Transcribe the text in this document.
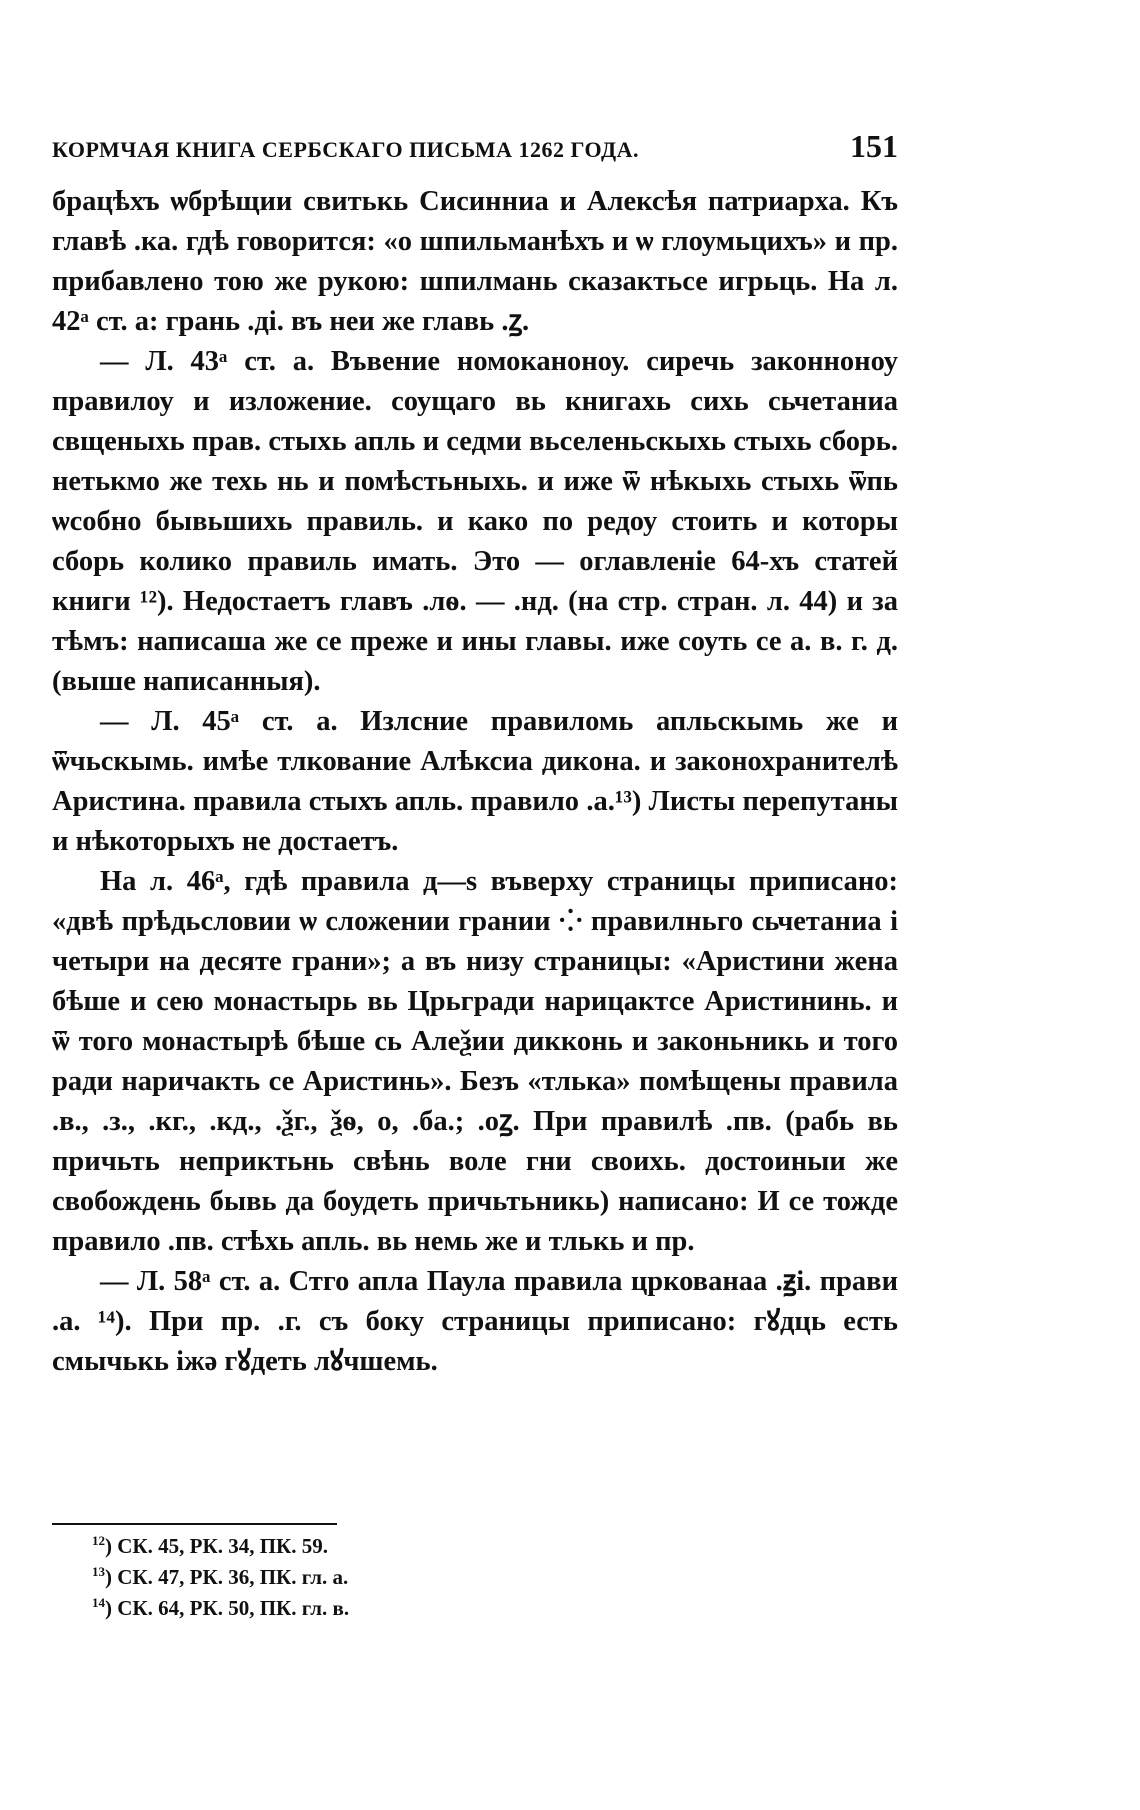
КОРМЧАЯ КНИГА СЕРБСКАГО ПИСЬМА 1262 ГОДА.	151

брацѣхъ ѡбрѣщии свитькь Сисинниа и Алексѣя патриарха. Къ главѣ .ка. гдѣ говорится: «о шпильманѣхъ и ѡ глоумьцихъ» и пр. прибавлено тою же рукою: шпилмань сказактьсе игрьць. На л. 42ᵃ ст. а: грань .ді. въ неи же главь .ꙁ.

— Л. 43ᵃ ст. а. Въвение номоканоноу. сиречь законноноу правилоу и изложение. соущаго вь книгахь сихь сьчетаниа свщеныхь прав. стыхь апль и седми вьселеньскыхь стыхь сборь. нетькмо же техь нь и помѣстьныхь. и иже ѿ нѣкыхь стыхь ѿпь ѡсобно бывьшихь правиль. и како по редоу стоить и которы сборь колико правиль имать. Это — оглавленіе 64-хъ статей книги ¹²). Недостаетъ главъ .лѳ. — .нд. (на стр. стран. л. 44) и за тѣмъ: написаша же се преже и ины главы. иже соуть се а. в. г. д. (выше написанныя).

— Л. 45ᵃ ст. а. Излсние правиломь апльскымь же и ѿчьскымь. имѣе тлкование Алѣксиа дикона. и законохранителѣ Аристина. правила стыхъ апль. правило .а.¹³) Листы перепутаны и нѣкоторыхъ не достаетъ.

На л. 46ᵃ, гдѣ правила д—ѕ въверху страницы приписано: «двѣ прѣдьсловии ѡ сложении грании ⁘ правилньго сьчетаниа і четыри на десяте грани»; а въ низу страницы: «Аристини жена бѣше и сею монастырь вь Црьгради нарицактсе Аристининь. и ѿ того монастырѣ бѣше сь Алеѯии дикконь и законьникь и того ради наричакть се Аристинь». Безъ «тлька» помѣщены правила .в., .з., .кг., .кд., .ѯг., ѯѳ, о, .ба.; .оꙁ. При правилѣ .пв. (рабь вь причьть неприктьнь свѣнь воле гни своихь. достоиныи же свобождень бывь да боудеть причьтьникь) написано: И се тожде правило .пв. стѣхь апль. вь немь же и тлькь и пр.

— Л. 58ᵃ ст. а. Стго апла Паула правила цркованаа .ꙃі. прави .а. ¹⁴). При пр. .г. съ боку страницы приписано: гꙋдць есть смычькь іжә гꙋдеть лꙋчшемь.

$^{12}$) СК. 45, РК. 34, ПК. 59.
$^{13}$) СК. 47, РК. 36, ПК. гл. а.
$^{14}$) СК. 64, РК. 50, ПК. гл. в.
